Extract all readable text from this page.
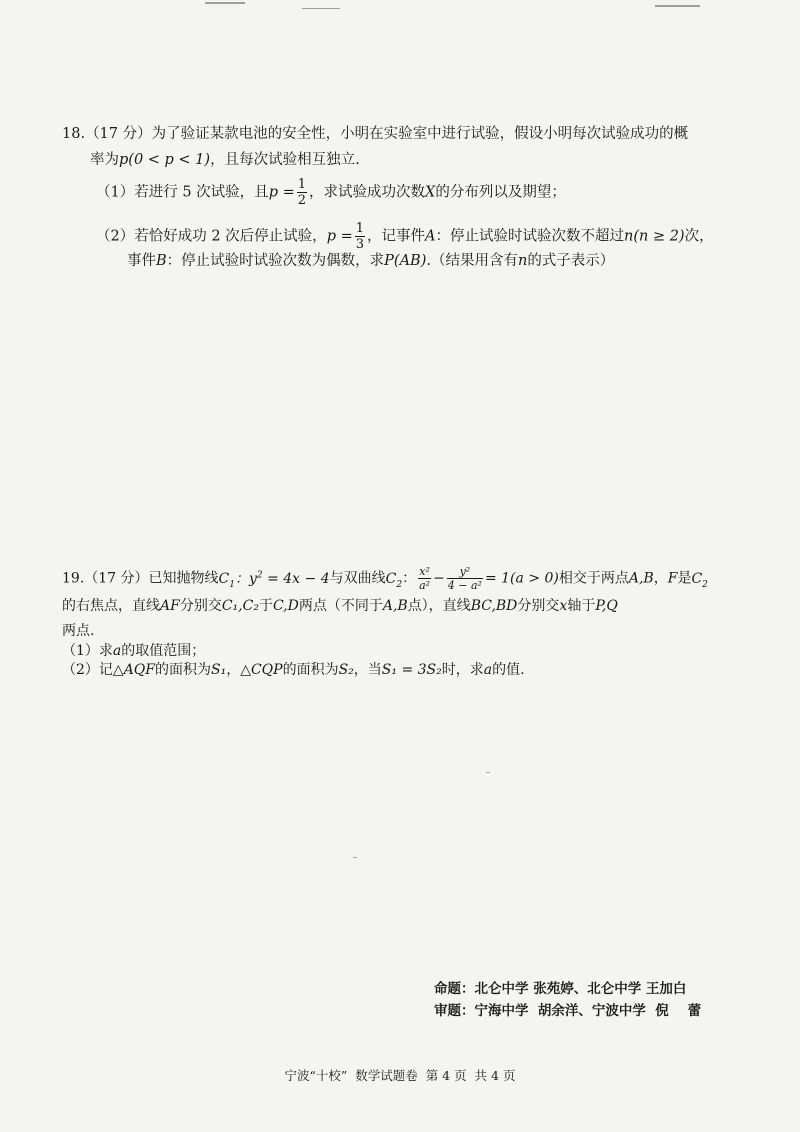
18.（17 分）为了验证某款电池的安全性，小明在实验室中进行试验，假设小明每次试验成功的概
率为p(0 < p < 1)，且每次试验相互独立.
（1）若进行 5 次试验，且$p = \frac{1}{2}$ ，求试验成功次数X的分布列以及期望；
（2）若恰好成功 2 次后停止试验，$p = \frac{1}{3}$ ，记事件A：停止试验时试验次数不超过n(n ≥ 2)次，
事件B：停止试验时试验次数为偶数，求P(AB).（结果用含有n的式子表示）
19.（17 分）已知抛物线$C_1$：$y^2 = 4x - 4$与双曲线$C_2$： $\frac{\text{x²}}{\text{a²}} - \frac{\text{y²}}{\text{4 − a²}} = 1(a > 0)$相交于两点A,B，F是$C_2$
的右焦点，直线AF分别交C₁,C₂于C,D两点（不同于A,B点），直线BC,BD分别交x轴于P,Q
两点.
（1）求a的取值范围；
（2）记△AQF的面积为S₁，△CQP的面积为S₂，当S₁ = 3S₂时，求a的值.
命题：北仑中学 张苑婷、北仑中学 王加白
审题：宁海中学  胡余洋、宁波中学  倪    蕾
宁波“十校”  数学试题卷  第 4 页  共 4 页
